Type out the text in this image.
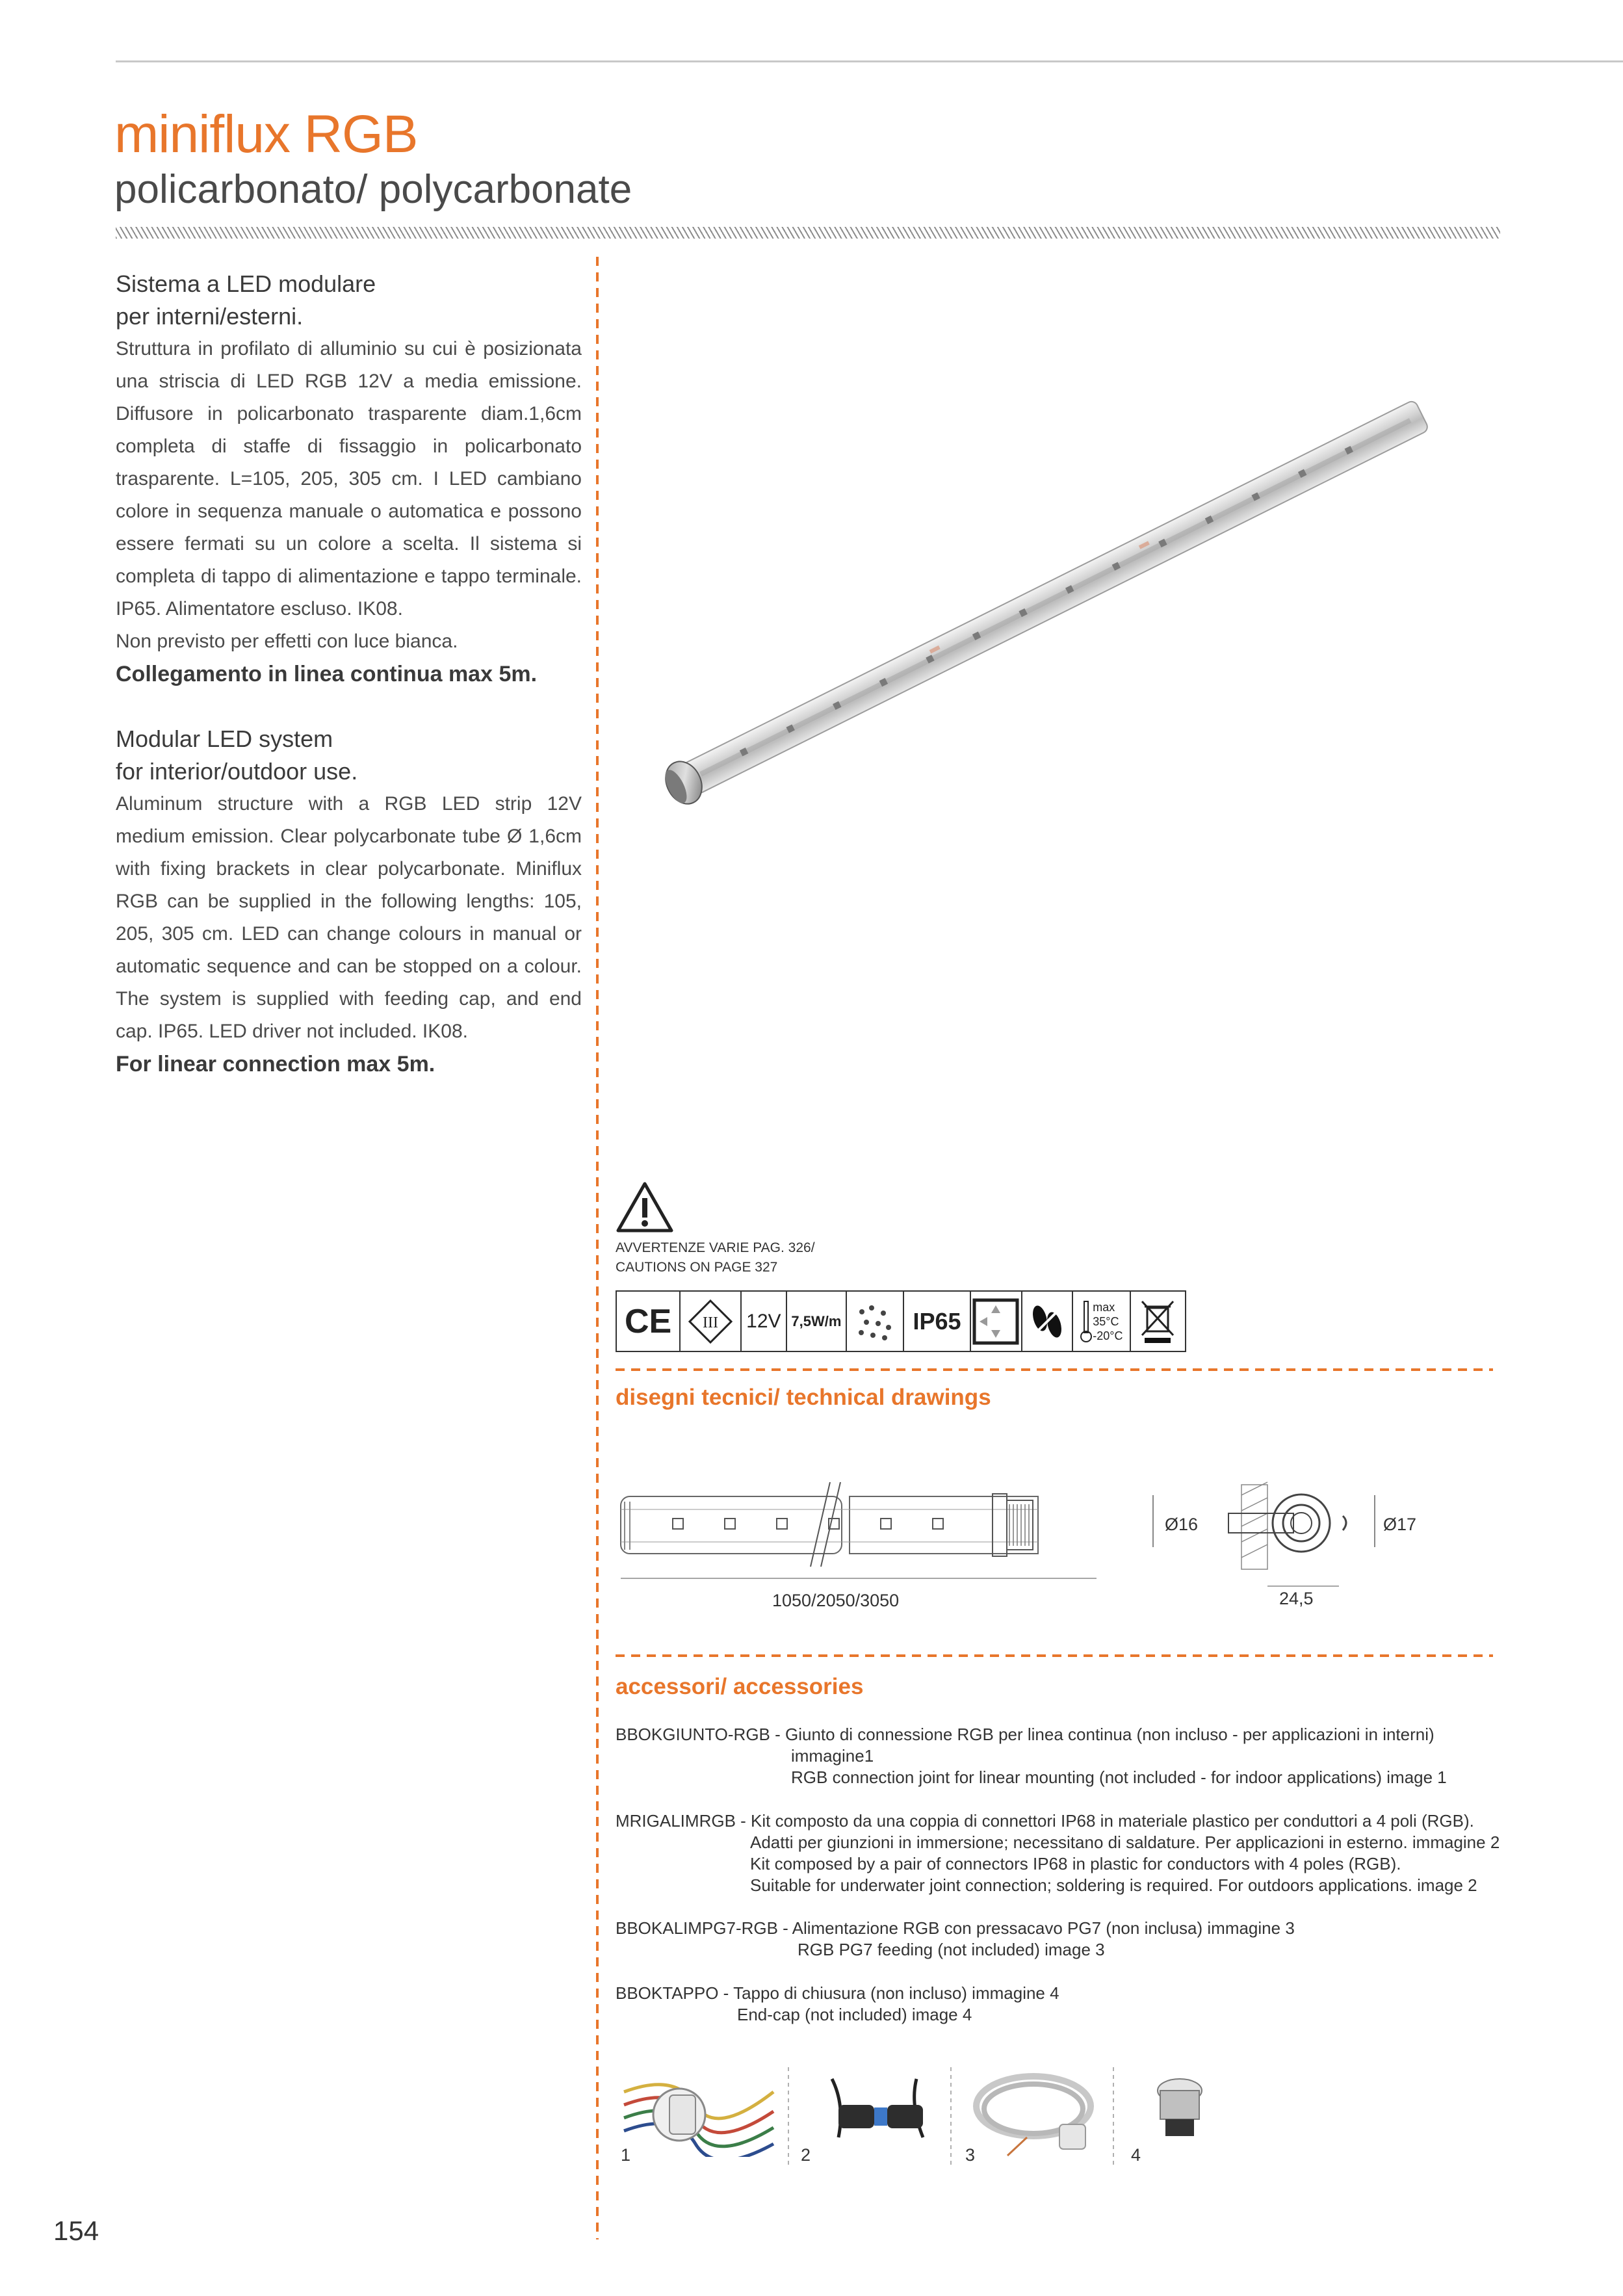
miniflux RGB
policarbonato/ polycarbonate
Sistema a LED modulare
per interni/esterni.

Struttura in profilato di alluminio su cui è posizionata una striscia di LED RGB 12V a media emissione. Diffusore in policarbonato trasparente diam.1,6cm completa di staffe di fissaggio in policarbonato trasparente. L=105, 205, 305 cm. I LED cambiano colore in sequenza manuale o automatica e possono essere fermati su un colore a scelta. Il sistema si completa di tappo di alimentazione e tappo terminale. IP65. Alimentatore escluso. IK08.

Non previsto per effetti con luce bianca.

Collegamento in linea continua max 5m.
Modular LED system
for interior/outdoor use.

Aluminum structure with a RGB LED strip 12V medium emission. Clear polycarbonate tube Ø 1,6cm with fixing brackets in clear polycarbonate. Miniflux RGB can be supplied in the following lengths: 105, 205, 305 cm. LED can change colours in manual or automatic sequence and can be stopped on a colour. The system is supplied with feeding cap, and end cap. IP65. LED driver not included. IK08.

For linear connection max 5m.
AVVERTENZE VARIE PAG. 326/
CAUTIONS ON PAGE 327
CE	III 12V 7,5W/m	IP65
max
35°C
-20°C
disegni tecnici/ technical drawings
1050/2050/3050
Ø16	Ø17
24,5
accessori/ accessories
BBOKGIUNTO-RGB - Giunto di connessione RGB per linea continua (non incluso - per applicazioni in interni)
immagine1
RGB connection joint for linear mounting (not included - for indoor applications) image 1
MRIGALIMRGB - Kit composto da una coppia di connettori IP68 in materiale plastico per conduttori a 4 poli (RGB).
Adatti per giunzioni in immersione; necessitano di saldature. Per applicazioni in esterno. immagine 2
Kit composed by a pair of connectors IP68 in plastic for conductors with 4 poles (RGB).
Suitable for underwater joint connection; soldering is required. For outdoors applications. image 2
BBOKALIMPG7-RGB - Alimentazione RGB con pressacavo PG7 (non inclusa) immagine 3
RGB PG7 feeding (not included) image 3
BBOKTAPPO - Tappo di chiusura (non incluso) immagine 4
End-cap (not included) image 4
1	2	3	4
154
